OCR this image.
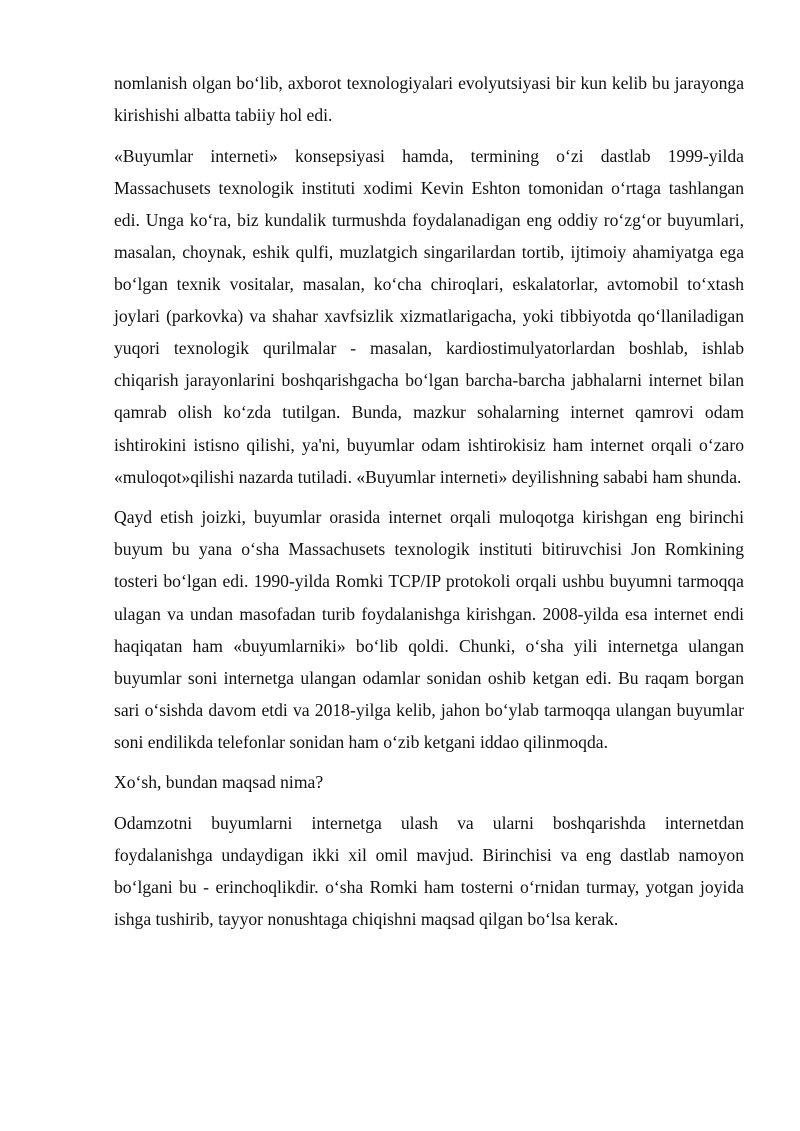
nomlanish olgan bo‘lib, axborot texnologiyalari evolyutsiyasi bir kun kelib bu jarayonga kirishishi albatta tabiiy hol edi.

«Buyumlar interneti» konsepsiyasi hamda, termining o‘zi dastlab 1999-yilda Massachusets texnologik instituti xodimi Kevin Eshton tomonidan o‘rtaga tashlangan edi. Unga ko‘ra, biz kundalik turmushda foydalanadigan eng oddiy ro‘zg‘or buyumlari, masalan, choynak, eshik qulfi, muzlatgich singarilardan tortib, ijtimoiy ahamiyatga ega bo‘lgan texnik vositalar, masalan, ko‘cha chiroqlari, eskalatorlar, avtomobil to‘xtash joylari (parkovka) va shahar xavfsizlik xizmatlarigacha, yoki tibbiyotda qo‘llaniladigan yuqori texnologik qurilmalar - masalan, kardiostimulyatorlardan boshlab, ishlab chiqarish jarayonlarini boshqarishgacha bo‘lgan barcha-barcha jabhalarni internet bilan qamrab olish ko‘zda tutilgan. Bunda, mazkur sohalarning internet qamrovi odam ishtirokini istisno qilishi, ya'ni, buyumlar odam ishtirokisiz ham internet orqali o‘zaro «muloqot»qilishi nazarda tutiladi. «Buyumlar interneti» deyilishning sababi ham shunda.

Qayd etish joizki, buyumlar orasida internet orqali muloqotga kirishgan eng birinchi buyum bu yana o‘sha Massachusets texnologik instituti bitiruvchisi Jon Romkining tosteri bo‘lgan edi. 1990-yilda Romki TCP/IP protokoli orqali ushbu buyumni tarmoqqa ulagan va undan masofadan turib foydalanishga kirishgan. 2008-yilda esa internet endi haqiqatan ham «buyumlarniki» bo‘lib qoldi. Chunki, o‘sha yili internetga ulangan buyumlar soni internetga ulangan odamlar sonidan oshib ketgan edi. Bu raqam borgan sari o‘sishda davom etdi va 2018-yilga kelib, jahon bo‘ylab tarmoqqa ulangan buyumlar soni endilikda telefonlar sonidan ham o‘zib ketgani iddao qilinmoqda.

Xo‘sh, bundan maqsad nima?

Odamzotni buyumlarni internetga ulash va ularni boshqarishda internetdan foydalanishga undaydigan ikki xil omil mavjud. Birinchisi va eng dastlab namoyon bo‘lgani bu - erinchoqlikdir. o‘sha Romki ham tosterni o‘rnidan turmay, yotgan joyida ishga tushirib, tayyor nonushtaga chiqishni maqsad qilgan bo‘lsa kerak.
